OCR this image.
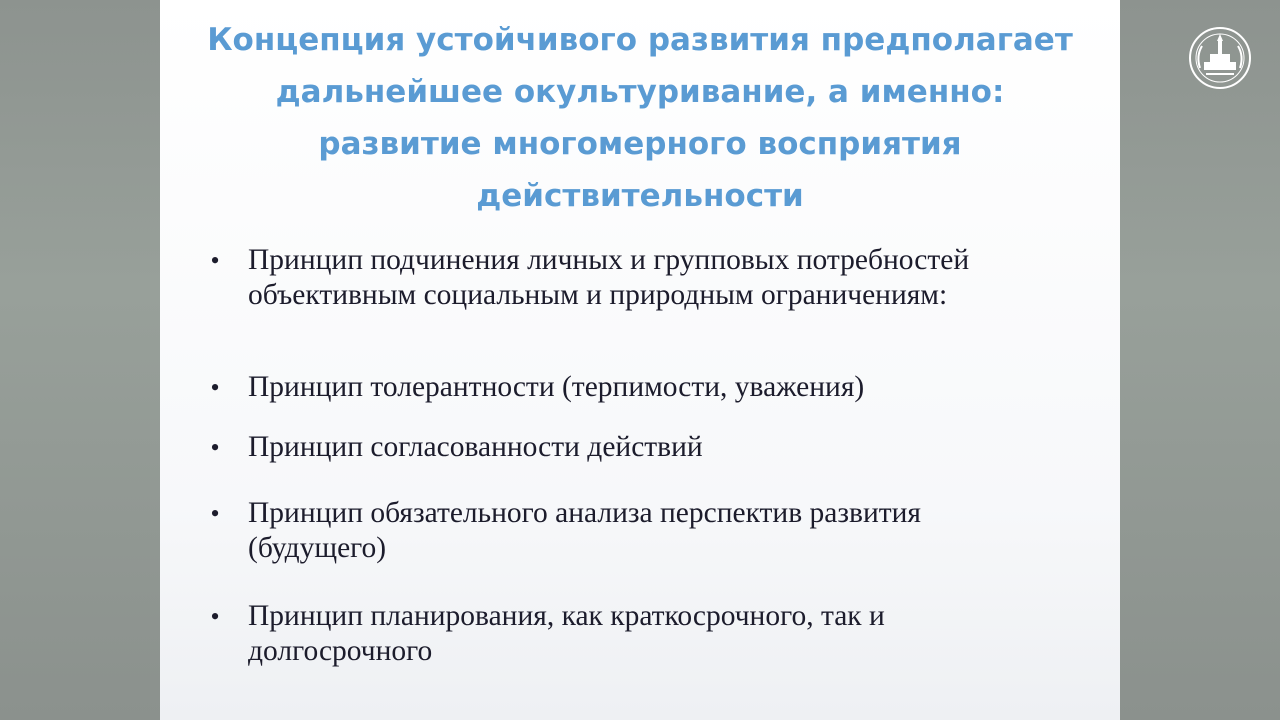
Концепция устойчивого развития предполагает дальнейшее окультуривание, а именно: развитие многомерного восприятия действительности
• Принцип подчинения личных и групповых потребностей объективным социальным и природным ограничениям:
• Принцип толерантности (терпимости, уважения)
• Принцип согласованности действий
• Принцип обязательного анализа перспектив развития (будущего)
• Принцип планирования, как краткосрочного, так и долгосрочного
